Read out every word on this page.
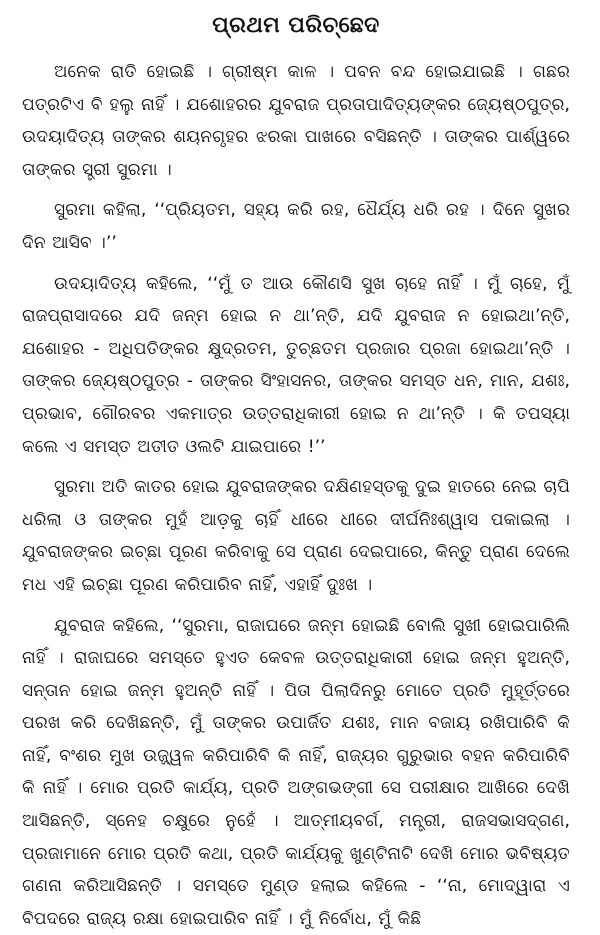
ପ୍ରଥମ ପରିଚ୍ଛେଦ

ଅନେକ ରାତି ହୋଇଛି । ଗ୍ରୀଷ୍ମ କାଳ । ପବନ ବନ୍ଦ ହୋଇଯାଇଛି । ଗଛର ପତ୍ରଟିଏ ବି ହଲୁ ନାହିଁ । ଯଶୋହରର ଯୁବରାଜ ପ୍ରତାପାଦିତ୍ୟଙ୍କର ଜ୍ୟେଷ୍ଠପୁତ୍ର, ଉଦୟାଦିତ୍ୟ ତାଙ୍କର ଶୟନଗୃହର ଝରକା ପାଖରେ ବସିଛନ୍ତି । ତାଙ୍କର ପାର୍ଶ୍ୱରେ ତାଙ୍କର ସ୍ତ୍ରୀ ସୁରମା ।

ସୁରମା କହିଲା, ‘‘ପ୍ରିୟତମ, ସହ୍ୟ କରି ରହ, ଧୈର୍ଯ୍ୟ ଧରି ରହ । ଦିନେ ସୁଖର ଦିନ ଆସିବ ।’’

ଉଦୟାଦିତ୍ୟ କହିଲେ, ‘‘ମୁଁ ତ ଆଉ କୌଣସି ସୁଖ ଚାହେ ନାହିଁ । ମୁଁ ଚାହେ, ମୁଁ ରାଜପ୍ରାସାଦରେ ଯଦି ଜନ୍ମ ହୋଇ ନ ଥା’ନ୍ତି, ଯଦି ଯୁବରାଜ ନ ହୋଇଥା’ନ୍ତି, ଯଶୋହର - ଅଧିପତିଙ୍କର କ୍ଷୁଦ୍ରତମ, ତୁଚ୍ଛତମ ପ୍ରଜାର ପ୍ରଜା ହୋଇଥା’ନ୍ତି । ତାଙ୍କର ଜ୍ୟେଷ୍ଠପୁତ୍ର - ତାଙ୍କର ସିଂହାସନର, ତାଙ୍କର ସମସ୍ତ ଧନ, ମାନ, ଯଶଃ, ପ୍ରଭାବ, ଗୌରବର ଏକମାତ୍ର ଉତ୍ତରାଧିକାରୀ ହୋଇ ନ ଥା’ନ୍ତି । କି ତପସ୍ୟା କଲେ ଏ ସମସ୍ତ ଅତୀତ ଓଲଟି ଯାଇପାରେ !’’

ସୁରମା ଅତି କାତର ହୋଇ ଯୁବରାଜଙ୍କର ଦକ୍ଷିଣହସ୍ତକୁ ଦୁଇ ହାତରେ ନେଇ ଚାପି ଧରିଲା ଓ ତାଙ୍କର ମୁହଁ ଆଡ଼କୁ ଚାହିଁ ଧୀରେ ଧୀରେ ଦୀର୍ଘନିଃଶ୍ୱାସ ପକାଇଲା । ଯୁବରାଜଙ୍କର ଇଚ୍ଛା ପୂରଣ କରିବାକୁ ସେ ପ୍ରାଣ ଦେଇପାରେ, କିନ୍ତୁ ପ୍ରାଣ ଦେଲେ ମଧ ଏହି ଇଚ୍ଛା ପୂରଣ କରିପାରିବ ନାହିଁ, ଏହାହିଁ ଦୁଃଖ ।

ଯୁବରାଜ କହିଲେ, ‘‘ସୁରମା, ରାଜାଘରେ ଜନ୍ମ ହୋଇଛି ବୋଲି ସୁଖୀ ହୋଇପାରିଲି ନାହିଁ । ରାଜାଘରେ ସମସ୍ତେ ହୁଏତ କେବଳ ଉତ୍ତରାଧିକାରୀ ହୋଇ ଜନ୍ମ ହୁଅନ୍ତି, ସନ୍ତାନ ହୋଇ ଜନ୍ମ ହୁଅନ୍ତି ନାହିଁ । ପିତା ପିଲାଦିନରୁ ମୋତେ ପ୍ରତି ମୁହୂର୍ତ୍ତରେ ପରଖ କରି ଦେଖିଛନ୍ତି, ମୁଁ ତାଙ୍କର ଉପାର୍ଜିତ ଯଶଃ, ମାନ ବଜାୟ ରଖିପାରିବି କି ନାହିଁ, ବଂଶର ମୁଖ ଉଜ୍ଜ୍ୱଳ କରିପାରିବି କି ନାହିଁ, ରାଜ୍ୟର ଗୁରୁଭାର ବହନ କରିପାରିବି କି ନାହିଁ । ମୋର ପ୍ରତି କାର୍ଯ୍ୟ, ପ୍ରତି ଅଙ୍ଗଭଙ୍ଗୀ ସେ ପରୀକ୍ଷାର ଆଖିରେ ଦେଖି ଆସିଛନ୍ତି, ସ୍ନେହ ଚକ୍ଷୁରେ ନୁହେଁ । ଆତ୍ମୀୟବର୍ଗ, ମନ୍ତ୍ରୀ, ରାଜସଭାସଦ୍‌ଗଣ, ପ୍ରଜାମାନେ ମୋର ପ୍ରତି କଥା, ପ୍ରତି କାର୍ଯ୍ୟକୁ ଖୁଣ୍ଟିନାଟି ଦେଖି ମୋର ଭବିଷ୍ୟତ ଗଣନା କରିଆସିଛନ୍ତି । ସମସ୍ତେ ମୁଣ୍ଡ ହଲାଇ କହିଲେ - ‘‘ନା, ମୋଦ୍ୱାରା ଏ ବିପଦରେ ରାଜ୍ୟ ରକ୍ଷା ହୋଇପାରିବ ନାହିଁ । ମୁଁ ନିର୍ବୋଧ, ମୁଁ କିଛି
